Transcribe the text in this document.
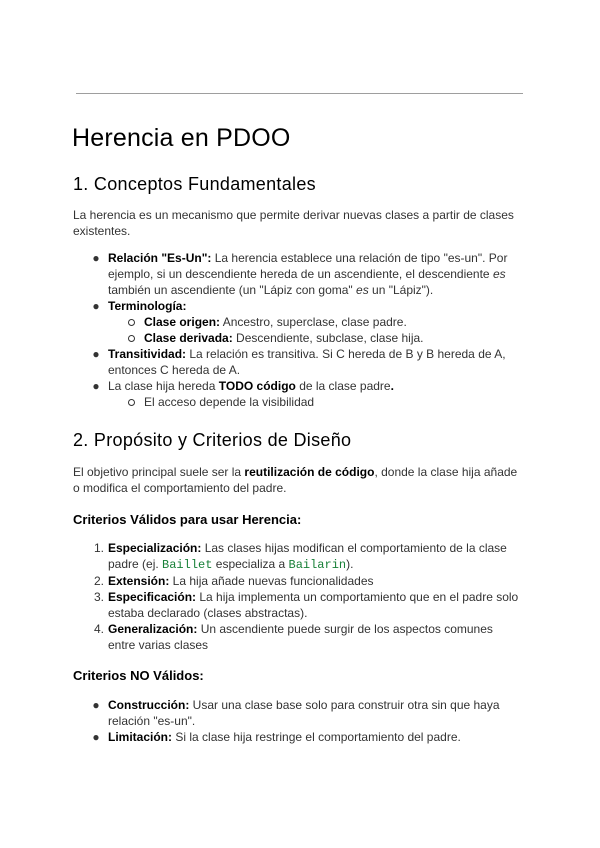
Herencia en PDOO
1. Conceptos Fundamentales

La herencia es un mecanismo que permite derivar nuevas clases a partir de clases existentes.

● Relación "Es-Un": La herencia establece una relación de tipo "es-un". Por ejemplo, si un descendiente hereda de un ascendiente, el descendiente es también un ascendiente (un "Lápiz con goma" es un "Lápiz").
● Terminología:
Clase origen: Ancestro, superclase, clase padre.
Clase derivada: Descendiente, subclase, clase hija.
● Transitividad: La relación es transitiva. Si C hereda de B y B hereda de A, entonces C hereda de A.
● La clase hija hereda TODO código de la clase padre.
El acceso depende la visibilidad
2. Propósito y Criterios de Diseño

El objetivo principal suele ser la reutilización de código, donde la clase hija añade o modifica el comportamiento del padre.

Criterios Válidos para usar Herencia:
1. Especialización: Las clases hijas modifican el comportamiento de la clase padre (ej. Baillet especializa a Bailarin).
2. Extensión: La hija añade nuevas funcionalidades
3. Especificación: La hija implementa un comportamiento que en el padre solo estaba declarado (clases abstractas).
4. Generalización: Un ascendiente puede surgir de los aspectos comunes entre varias clases
Criterios NO Válidos:
● Construcción: Usar una clase base solo para construir otra sin que haya relación "es-un".
● Limitación: Si la clase hija restringe el comportamiento del padre.
